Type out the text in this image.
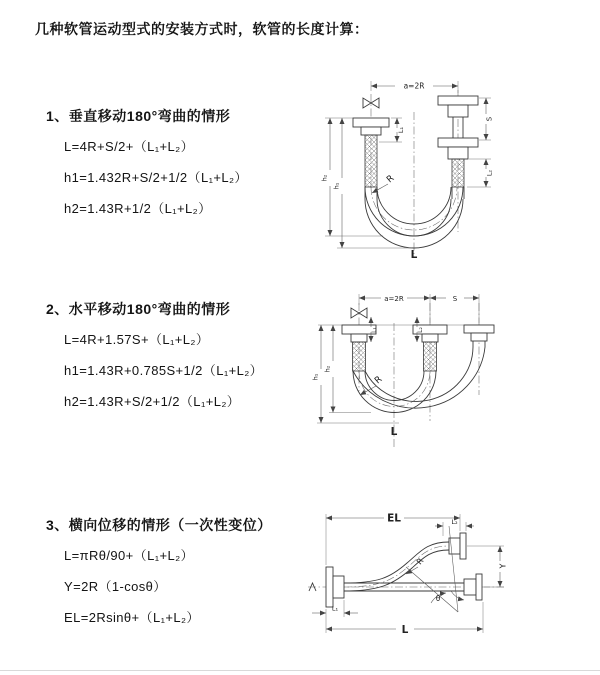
几种软管运动型式的安装方式时，软管的长度计算：
1、垂直移动180°弯曲的情形
L=4R+S/2+（L₁+L₂）
h1=1.432R+S/2+1/2（L₁+L₂）
h2=1.43R+1/2（L₁+L₂）
2、水平移动180°弯曲的情形
L=4R+1.57S+（L₁+L₂）
h1=1.43R+0.785S+1/2（L₁+L₂）
h2=1.43R+S/2+1/2（L₁+L₂）
3、横向位移的情形（一次性变位）
L=πRθ/90+（L₁+L₂）
Y=2R（1-cosθ）
EL=2Rsinθ+（L₁+L₂）
a=2R
L₁
S
L₂
h₂
h₁
R
L
a=2R	S
L₁	L₂
h₂
h₁	R
L
EL	L₂
θ
Y
L
L₁
R
